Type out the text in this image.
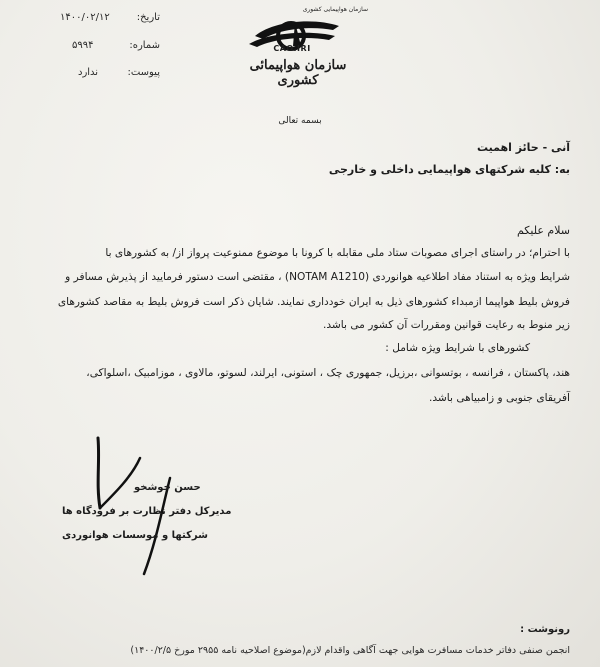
تاریخ:
۱۴۰۰/۰۲/۱۲
شماره:
۵۹۹۴
پیوست:
ندارد
سازمان هواپیمایی کشوری
CAO.IRI
سازمان هواپیمائی کشوری
بسمه تعالی
آنی - حائز اهمیت
به: کلیه شرکتهای هواپیمایی داخلی و خارجی
سلام علیکم
با احترام؛ در راستای اجرای مصوبات ستاد ملی مقابله با کرونا با موضوع ممنوعیت پرواز از/ به کشورهای با
شرایط ویژه به استناد مفاد اطلاعیه هوانوردی (NOTAM A1210) ، مقتضی است دستور فرمایید از پذیرش مسافر و
فروش بلیط هواپیما ازمبداء کشورهای ذیل به ایران خودداری نمایند. شایان ذکر است فروش بلیط به مقاصد کشورهای
زیر منوط به رعایت قوانین ومقررات آن کشور می باشد.
کشورهای با شرایط ویژه شامل :
هند، پاکستان ، فرانسه ، بوتسوانی ،برزیل، جمهوری چک ، استونی، ایرلند، لسوتو، مالاوی ، موزامبیک ،اسلواکی،
آفریقای جنوبی و زامبیاهی باشد.
حسن خوشخو
مدیرکل دفتر نظارت بر فرودگاه ها
شرکتها و موسسات هوانوردی
رونوشت :
انجمن صنفی دفاتر خدمات مسافرت هوایی جهت آگاهی واقدام لازم(موضوع اصلاحیه نامه ۲۹۵۵ مورخ ۱۴۰۰/۲/۵)
